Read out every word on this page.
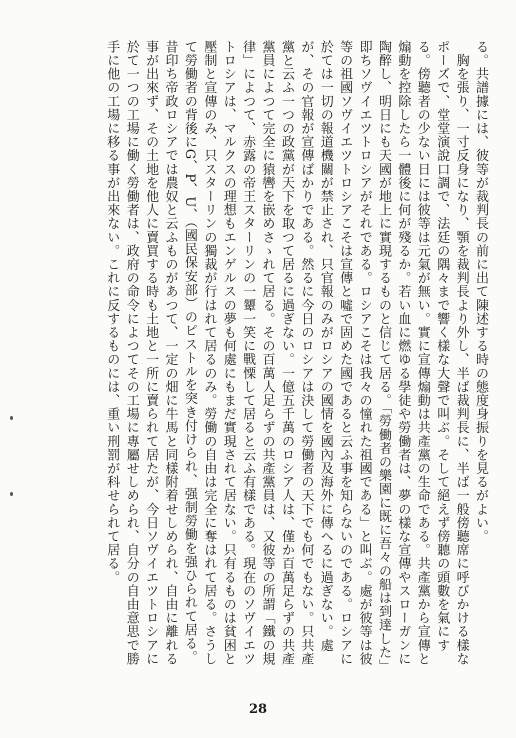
る。共譜據には、彼等が裁判長の前に出て陳述する時の態度身振りを見るがよい。

　胸を張り、一寸反身になり、顎を裁判長より外し、半ば裁判長に、半ば一般傍聽席に呼びかける樣なポーズで、堂堂演說口調で、法廷の隅々まで響く樣な大聲で叫ぶ。そして絕えず傍聽の頭數を氣にする。傍聽者の少ない日には彼等は元氣が無い。實に宣傳煽動は共產黨の生命である。共產黨から宣傳と煽動を控除したら一體後に何が殘るか。若い血に燃ゆる學徒や勞働者は、夢の樣な宣傳やスローガンに陶醉し、明日にも天國が地上に實現するものと信じて居る。「勞働者の樂園に既に吾々の船は到達した」即ちソヴイエツトロシアがそれである。ロシアこそは我々の憧れた祖國である」と叫ぶ。處が彼等は彼等の祖國ソヴイエツトロシアこそは宣傳と噓で固めた國であると云ふ事を知らないのである。ロシアに於ては一切の報道機關が禁止され、只官報のみがロシアの國情を國內及海外に傳へるに過ぎない。處が、その官報が宣傳ばかりである。然るに今日のロシアは決して勞働者の天下でも何でもない。只共產黨と云ふ一つの政黨が天下を取つて居るに過ぎない。一億五千萬のロシア人は、僅か百萬足らずの共產黨員によつて完全に猿轡を嵌めさゝれて居る。その百萬人足らずの共產黨員は、又彼等の所謂「鐵の規律」によつて、赤露の帝王スターリンの一顰一笑に戰慄して居ると云ふ有樣である。現在のソヴイエツトロシアは、マルクスの理想もエンゲルスの夢も何處にもまだ實現されて居ない。只有るものは貧困と壓制と宣傳のみ、只スターリンの獨裁が行はれて居るのみ。勞働の自由は完全に奪はれて居る。さうして勞働者の背後にG、P、U、（國民保安部）のピストルを突き付けられ、强制勞働を强ひられて居る。昔印ち帝政ロシアでは農奴と云ふものがあつて、一定の畑に牛馬と同樣附着せしめられ、自由に離れる事が出來ず、その土地を他人に賣買する時も土地と一所に賣られて居たが、今日ソヴイエツトロシアに於て一つの工場に働く勞働者は、政府の命令によつてその工場に專屬せしめられ、自分の自由意思で勝手に他の工場に移る事が出來ない。これに反するものには、重い刑罰が科せられて居る。

28
